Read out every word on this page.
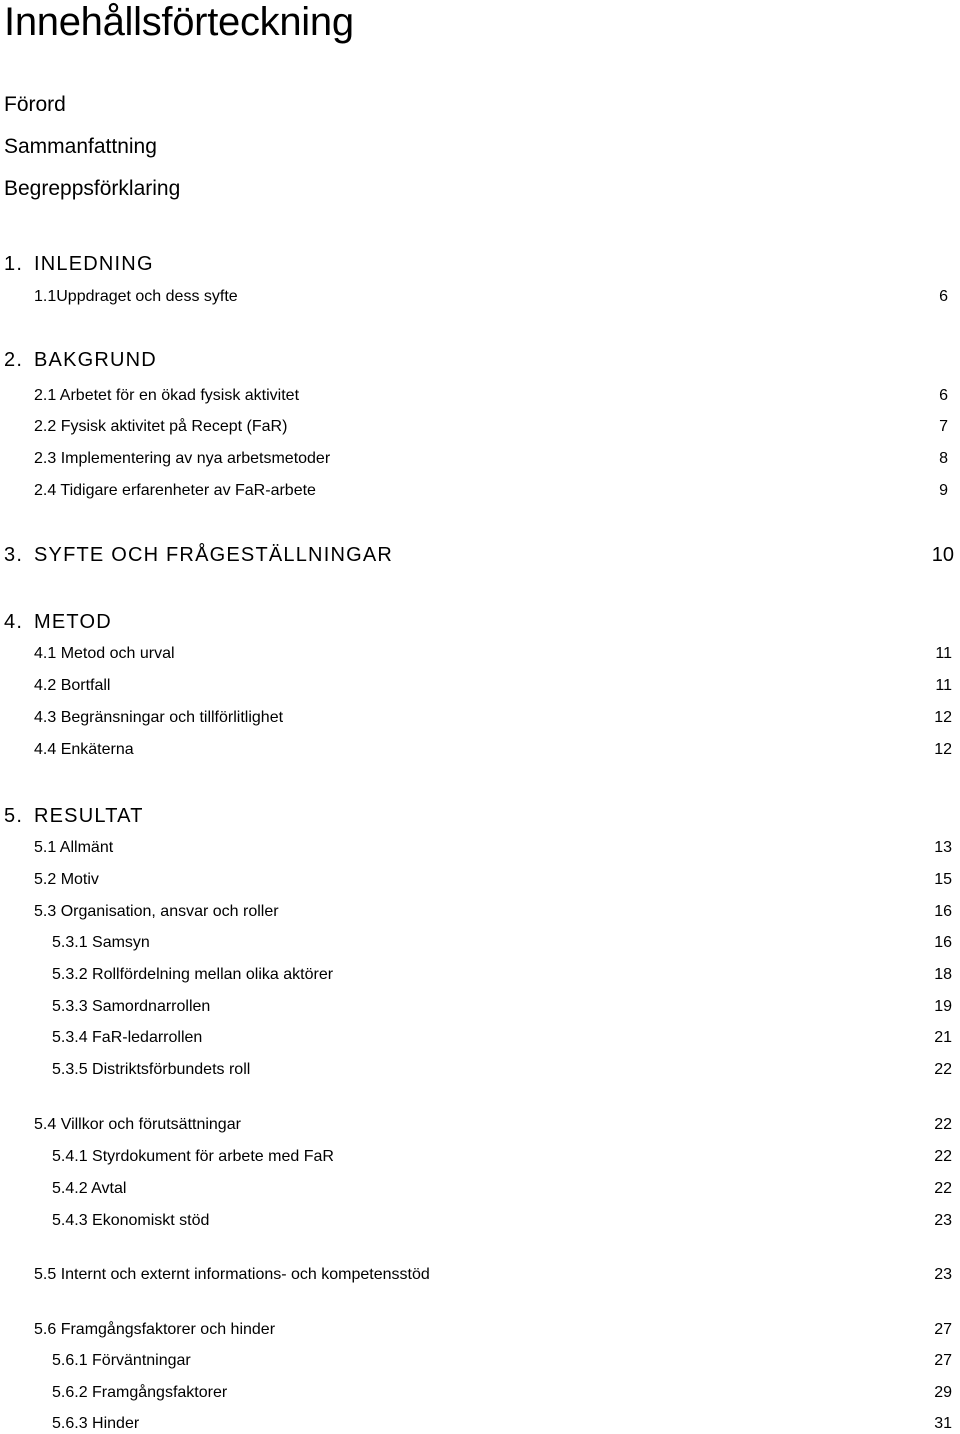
Innehållsförteckning
Förord
Sammanfattning
Begreppsförklaring
1. INLEDNING
1.1Uppdraget och dess syfte	6
2. BAKGRUND
2.1 Arbetet för en ökad fysisk aktivitet	6
2.2 Fysisk aktivitet på Recept (FaR)	7
2.3 Implementering av nya arbetsmetoder	8
2.4 Tidigare erfarenheter av FaR-arbete	9
3. SYFTE OCH FRÅGESTÄLLNINGAR	10
4. METOD
4.1 Metod och urval	11
4.2 Bortfall	11
4.3 Begränsningar och tillförlitlighet	12
4.4 Enkäterna	12
5. RESULTAT
5.1 Allmänt	13
5.2 Motiv	15
5.3 Organisation, ansvar och roller	16
5.3.1 Samsyn	16
5.3.2 Rollfördelning mellan olika aktörer	18
5.3.3 Samordnarrollen	19
5.3.4 FaR-ledarrollen	21
5.3.5 Distriktsförbundets roll	22
5.4 Villkor och förutsättningar	22
5.4.1 Styrdokument för arbete med FaR	22
5.4.2 Avtal	22
5.4.3 Ekonomiskt stöd	23
5.5 Internt och externt informations- och kompetensstöd	23
5.6 Framgångsfaktorer och hinder	27
5.6.1 Förväntningar	27
5.6.2 Framgångsfaktorer	29
5.6.3 Hinder	31
